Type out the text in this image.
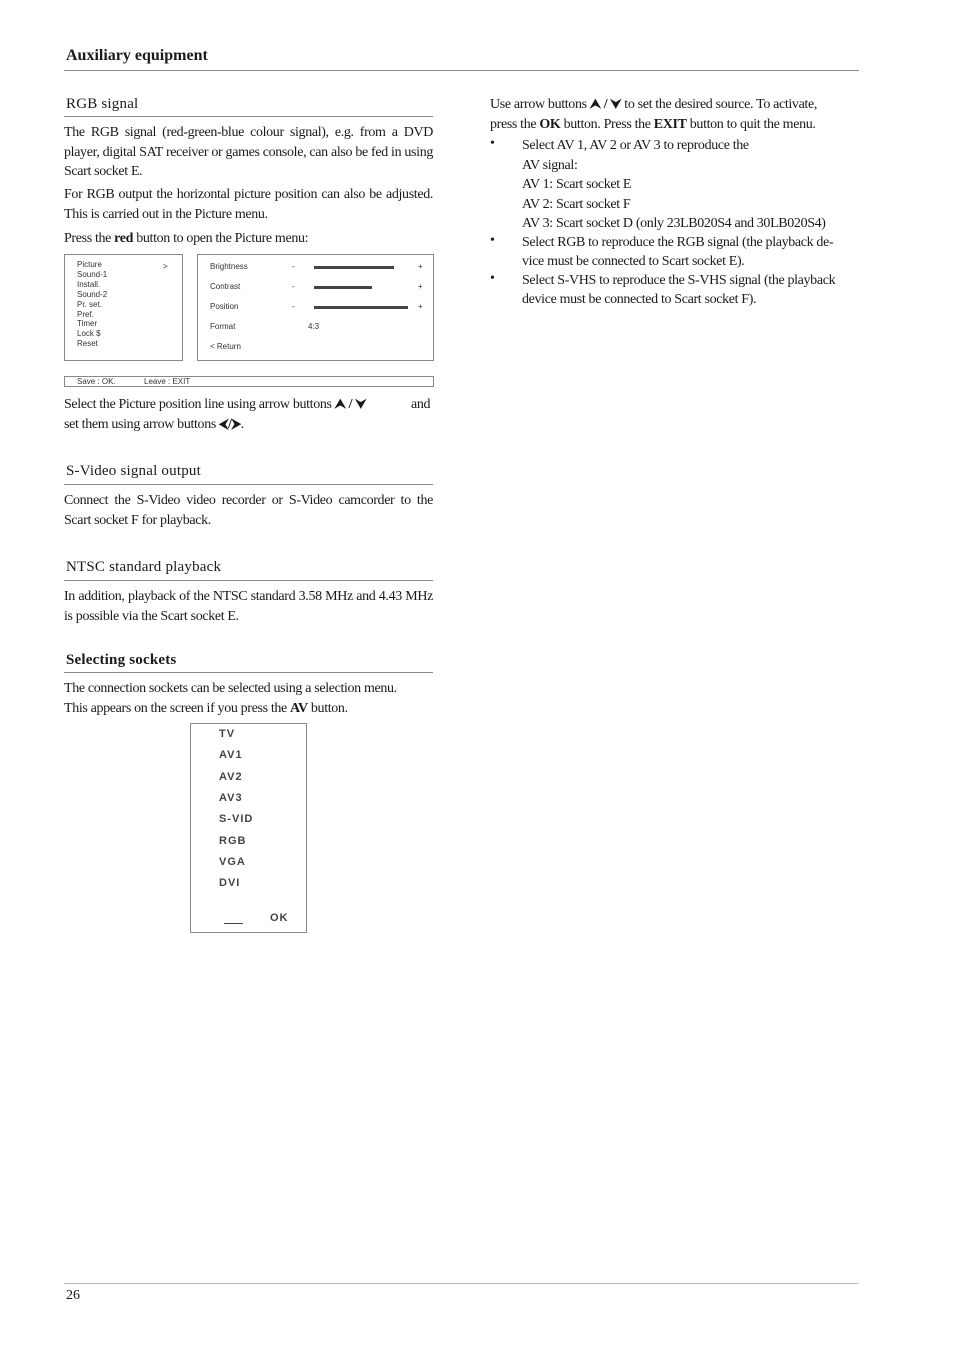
Auxiliary equipment
RGB signal
The RGB signal (red-green-blue colour signal), e.g. from a DVD player, digital SAT receiver or games console, can also be fed in using Scart socket E.
For RGB output the horizontal picture position can also be adjusted. This is carried out in the Picture menu.
Press the red button to open the Picture menu:
Picture
Sound-1
Install.
Sound-2
Pr. set.
Pref.
Timer
Lock $
Reset
>	Brightness	-	+
Contrast	-	+
Position	-	+
Format	4:3
< Return
Save : OK.	Leave : EXIT
Select the Picture position line using arrow buttons ⮝ / ⮟	and
set them using arrow buttons ⮜/⮞.
S-Video signal output
Connect the S-Video video recorder or S-Video camcorder to the Scart socket F for playback.
NTSC standard playback
In addition, playback of the NTSC standard 3.58 MHz and 4.43 MHz is possible via the Scart socket E.
Selecting sockets
The connection sockets can be selected using a selection menu.
This appears on the screen if you press the AV button.
TV
AV1
AV2
AV3
S-VID
RGB
VGA
DVI
OK
Use arrow buttons ⮝ / ⮟ to set the desired source. To activate,
press the OK button. Press the EXIT button to quit the menu.
• Select AV 1, AV 2 or AV 3 to reproduce the
AV signal:
AV 1: Scart socket E
AV 2: Scart socket F
AV 3: Scart socket D (only 23LB020S4 and 30LB020S4)
• Select RGB to reproduce the RGB signal (the playback de-
vice must be connected to Scart socket E).
• Select S-VHS to reproduce the S-VHS signal (the playback
device must be connected to Scart socket F).
26
